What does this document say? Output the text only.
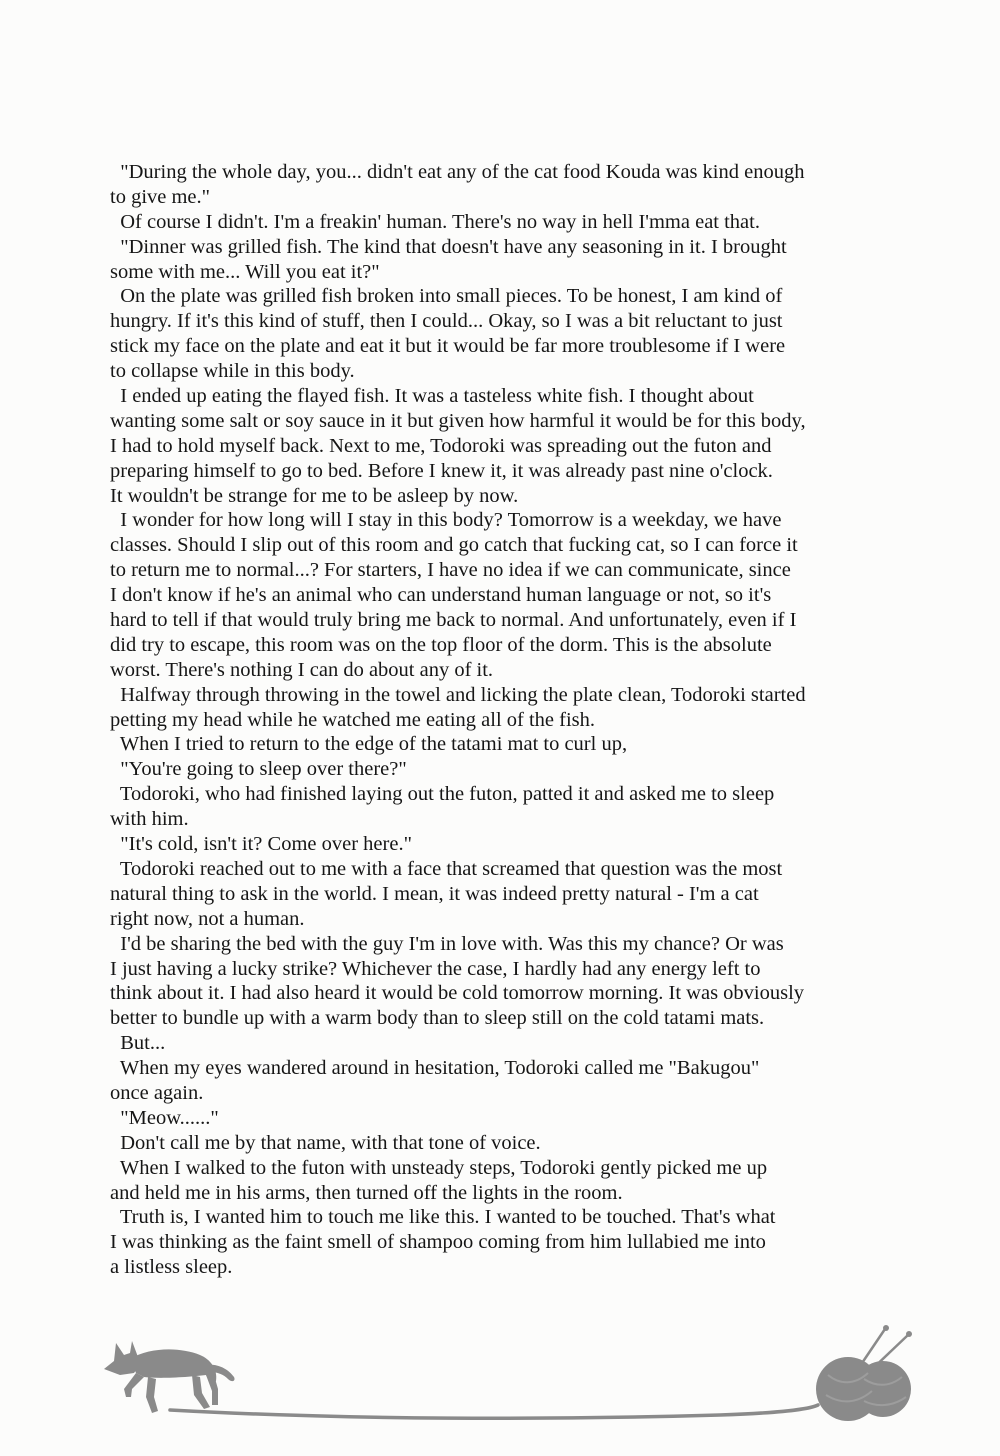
"During the whole day, you... didn't eat any of the cat food Kouda was kind enough
to give me."
Of course I didn't. I'm a freakin' human. There's no way in hell I'mma eat that.
"Dinner was grilled fish. The kind that doesn't have any seasoning in it. I brought
some with me... Will you eat it?"
On the plate was grilled fish broken into small pieces. To be honest, I am kind of
hungry. If it's this kind of stuff, then I could... Okay, so I was a bit reluctant to just
stick my face on the plate and eat it but it would be far more troublesome if I were
to collapse while in this body.
I ended up eating the flayed fish. It was a tasteless white fish. I thought about
wanting some salt or soy sauce in it but given how harmful it would be for this body,
I had to hold myself back. Next to me, Todoroki was spreading out the futon and
preparing himself to go to bed. Before I knew it, it was already past nine o'clock.
It wouldn't be strange for me to be asleep by now.
I wonder for how long will I stay in this body? Tomorrow is a weekday, we have
classes. Should I slip out of this room and go catch that fucking cat, so I can force it
to return me to normal...? For starters, I have no idea if we can communicate, since
I don't know if he's an animal who can understand human language or not, so it's
hard to tell if that would truly bring me back to normal. And unfortunately, even if I
did try to escape, this room was on the top floor of the dorm. This is the absolute
worst. There's nothing I can do about any of it.
Halfway through throwing in the towel and licking the plate clean, Todoroki started
petting my head while he watched me eating all of the fish.
When I tried to return to the edge of the tatami mat to curl up,
"You're going to sleep over there?"
Todoroki, who had finished laying out the futon, patted it and asked me to sleep
with him.
"It's cold, isn't it? Come over here."
Todoroki reached out to me with a face that screamed that question was the most
natural thing to ask in the world. I mean, it was indeed pretty natural - I'm a cat
right now, not a human.
I'd be sharing the bed with the guy I'm in love with. Was this my chance? Or was
I just having a lucky strike? Whichever the case, I hardly had any energy left to
think about it. I had also heard it would be cold tomorrow morning. It was obviously
better to bundle up with a warm body than to sleep still on the cold tatami mats.
But...
When my eyes wandered around in hesitation, Todoroki called me "Bakugou"
once again.
"Meow......"
Don't call me by that name, with that tone of voice.
When I walked to the futon with unsteady steps, Todoroki gently picked me up
and held me in his arms, then turned off the lights in the room.
Truth is, I wanted him to touch me like this. I wanted to be touched. That's what
I was thinking as the faint smell of shampoo coming from him lullabied me into
a listless sleep.
